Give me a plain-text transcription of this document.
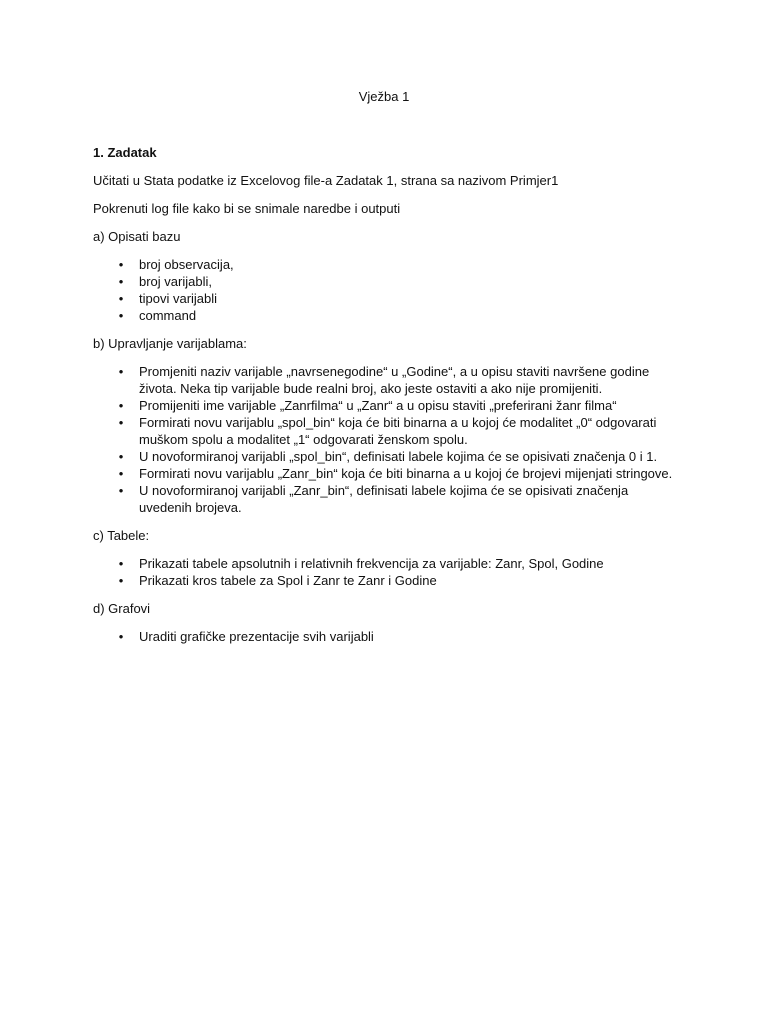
Vježba 1
1. Zadatak

Učitati u Stata podatke iz Excelovog file-a Zadatak 1, strana sa nazivom Primjer1

Pokrenuti log file kako bi se snimale naredbe i outputi

a) Opisati bazu

• broj observacija,
• broj varijabli,
• tipovi varijabli
• command

b) Upravljanje varijablama:

• Promjeniti naziv varijable „navrsenegodine“ u „Godine“, a u opisu staviti navršene godine života. Neka tip varijable bude realni broj, ako jeste ostaviti a ako nije promijeniti.
• Promijeniti ime varijable „Zanrfilma“ u „Zanr“ a u opisu staviti „preferirani žanr filma“
• Formirati novu varijablu „spol_bin“ koja će biti binarna a u kojoj će modalitet „0“ odgovarati muškom spolu a modalitet „1“ odgovarati ženskom spolu.
• U novoformiranoj varijabli „spol_bin“, definisati labele kojima će se opisivati značenja 0 i 1.
• Formirati novu varijablu „Zanr_bin“ koja će biti binarna a u kojoj će brojevi mijenjati stringove.
• U novoformiranoj varijabli „Zanr_bin“, definisati labele kojima će se opisivati značenja uvedenih brojeva.

c) Tabele:

• Prikazati tabele apsolutnih i relativnih frekvencija za varijable: Zanr, Spol, Godine
• Prikazati kros tabele za Spol i Zanr te Zanr i Godine

d) Grafovi

• Uraditi grafičke prezentacije svih varijabli
